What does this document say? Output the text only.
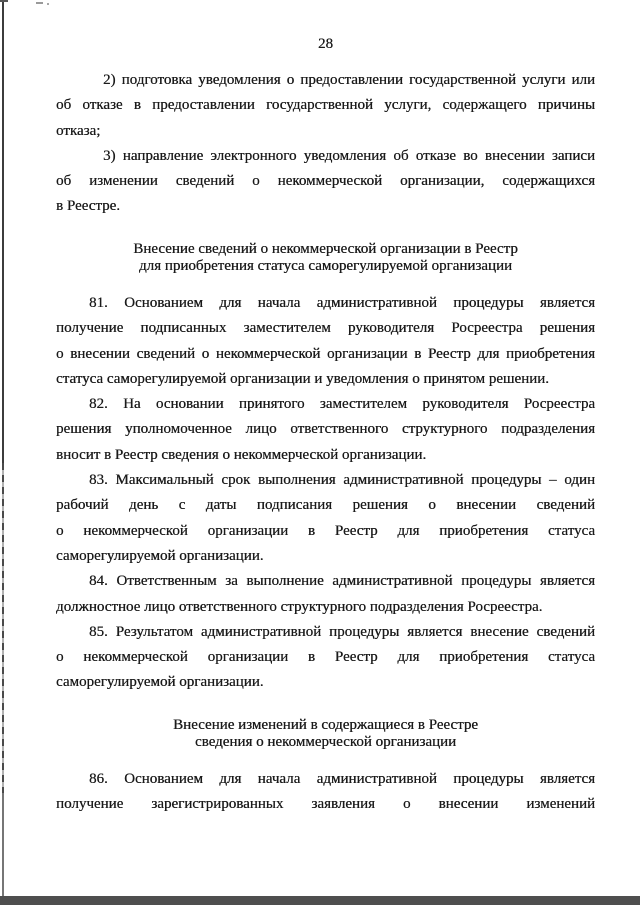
28
2) подготовка уведомления о предоставлении государственной услуги или
об отказе в предоставлении государственной услуги, содержащего причины
отказа;
3) направление электронного уведомления об отказе во внесении записи
об изменении сведений о некоммерческой организации, содержащихся
в Реестре.
Внесение сведений о некоммерческой организации в Реестр
для приобретения статуса саморегулируемой организации
81. Основанием для начала административной процедуры является
получение подписанных заместителем руководителя Росреестра решения
о внесении сведений о некоммерческой организации в Реестр для приобретения
статуса саморегулируемой организации и уведомления о принятом решении.
82. На основании принятого заместителем руководителя Росреестра
решения уполномоченное лицо ответственного структурного подразделения
вносит в Реестр сведения о некоммерческой организации.
83. Максимальный срок выполнения административной процедуры – один
рабочий день с даты подписания решения о внесении сведений
о некоммерческой организации в Реестр для приобретения статуса
саморегулируемой организации.
84. Ответственным за выполнение административной процедуры является
должностное лицо ответственного структурного подразделения Росреестра.
85. Результатом административной процедуры является внесение сведений
о некоммерческой организации в Реестр для приобретения статуса
саморегулируемой организации.
Внесение изменений в содержащиеся в Реестре
сведения о некоммерческой организации
86. Основанием для начала административной процедуры является
получение зарегистрированных заявления о внесении изменений
